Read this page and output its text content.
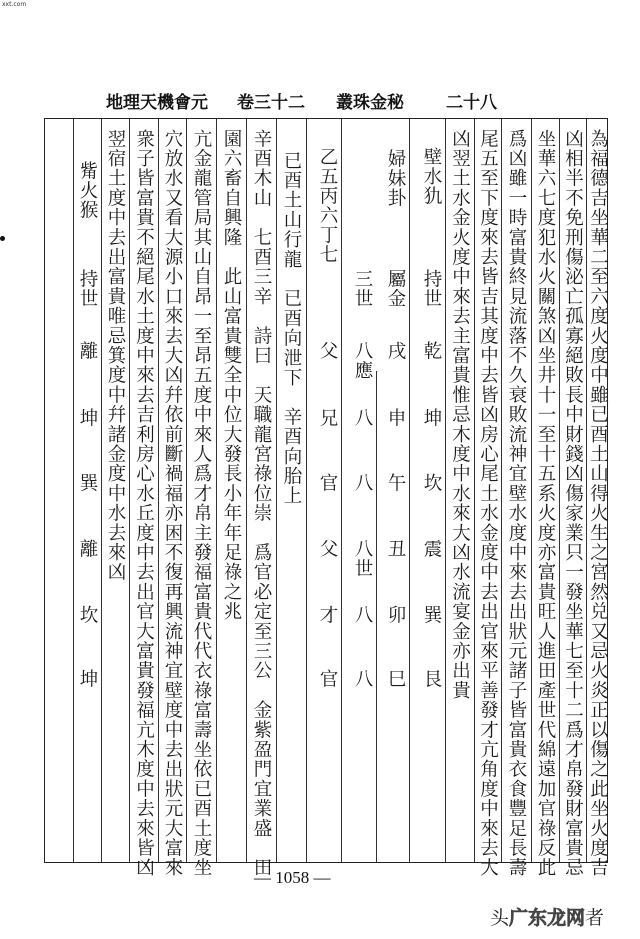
xxt.com
地理天機會元 卷三十二 叢珠金秘 二十八
為福德吉坐華二至六度火度中雖已酉土山得火生之宮然兑又忌火炎正以傷之此坐火度吉
凶相半不免刑傷泌亡孤寡絕敗長中財錢凶傷家業只一發坐華七至十二爲才帛發財富貴忌
坐華六七度犯水火關煞凶坐井十一至十五系火度亦富貴旺人進田產世代綿遠加官祿反此
爲凶雖一時富貴終見流落不久衰敗流神宜壁水度中來去出狀元諸子皆富貴衣食豐足長壽
尾五至下度來去皆吉其度中去皆凶房心尾土水金度中去出官來平善發才亢角度中來去大
凶翌土水金火度中來去主富貴惟忌木度中水來大凶水流宴金亦出貴
壁水犰
持世
乾
坤
坎
震
巽
艮
婦妹卦
屬金
戌
申
午
丑
卯
巳
三世
八應
八
八
八世
八
八
乙五丙六丁七
父
兄
官
父
才
官
已酉土山行龍　已酉向泄下　辛酉向胎上
辛酉木山　七酉三辛　詩曰　天職龍宮祿位崇　爲官必定至三公　金紫盈門宜業盛　田
園六畜自興隆　此山富貴雙全中位大發長小年年足祿之兆
亢金龍管局其山自昂一至昂五度中來人爲才帛主發福富貴代代衣祿富壽坐依已酉土度坐
穴放水又看大源小口來去大凶幷依前斷禍福亦困不復再興流神宜壁度中去出狀元大富來
衆子皆富貴不絕尾水土度中來去吉利房心水丘度中去出官大富貴發福亢木度中去來皆凶
翌宿土度中去出富貴唯忌箕度中幷諸金度中水去來凶
觜火猴
持世
離
坤
巽
離
坎
坤
— 1058 —
头广东龙网者
